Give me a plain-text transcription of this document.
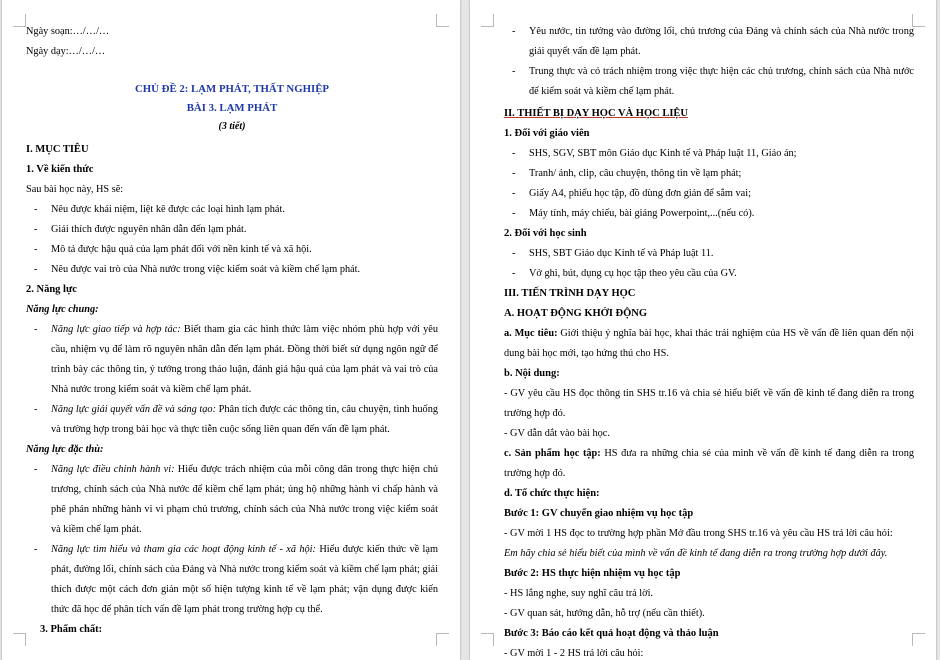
Ngày soạn:…/…/…
Ngày dạy:…/…/…
CHỦ ĐỀ 2: LẠM PHÁT, THẤT NGHIỆP
BÀI 3. LẠM PHÁT
(3 tiết)
I. MỤC TIÊU
1. Về kiến thức
Sau bài học này, HS sẽ:
- Nêu được khái niệm, liệt kê được các loại hình lạm phát.
- Giải thích được nguyên nhân dẫn đến lạm phát.
- Mô tả được hậu quả của lạm phát đối với nền kinh tế và xã hội.
- Nêu được vai trò của Nhà nước trong việc kiểm soát và kiềm chế lạm phát.
2. Năng lực
Năng lực chung:
- Năng lực giao tiếp và hợp tác: Biết tham gia các hình thức làm việc nhóm phù hợp với yêu cầu, nhiệm vụ để làm rõ nguyên nhân dẫn đến lạm phát. Đồng thời biết sử dụng ngôn ngữ để trình bày các thông tin, ý tưởng trong thảo luận, đánh giá hậu quả của lạm phát và vai trò của Nhà nước trong kiểm soát và kiềm chế lạm phát.
- Năng lực giải quyết vấn đề và sáng tạo: Phân tích được các thông tin, câu chuyện, tình huống và trường hợp trong bài học và thực tiễn cuộc sống liên quan đến vấn đề lạm phát.
Năng lực đặc thù:
- Năng lực điều chỉnh hành vi: Hiểu được trách nhiệm của mỗi công dân trong thực hiện chủ trương, chính sách của Nhà nước để kiềm chế lạm phát; ủng hộ những hành vi chấp hành và phê phán những hành vi vi phạm chủ trương, chính sách của Nhà nước trong việc kiểm soát và kiềm chế lạm phát.
- Năng lực tìm hiểu và tham gia các hoạt động kinh tế - xã hội: Hiểu được kiến thức về lạm phát, đường lối, chính sách của Đảng và Nhà nước trong kiểm soát và kiềm chế lạm phát; giải thích được một cách đơn giản một số hiện tượng kinh tế về lạm phát; vận dụng được kiến thức đã học để phân tích vấn đề lạm phát trong trường hợp cụ thể.
3. Phẩm chất:
- Yêu nước, tin tưởng vào đường lối, chủ trương của Đảng và chính sách của Nhà nước trong giải quyết vấn đề lạm phát.
- Trung thực và có trách nhiệm trong việc thực hiện các chủ trương, chính sách của Nhà nước để kiểm soát và kiềm chế lạm phát.
II. THIẾT BỊ DẠY HỌC VÀ HỌC LIỆU
1. Đối với giáo viên
- SHS, SGV, SBT môn Giáo dục Kinh tế và Pháp luật 11, Giáo án;
- Tranh/ ảnh, clip, câu chuyện, thông tin về lạm phát;
- Giấy A4, phiếu học tập, đồ dùng đơn giản để sắm vai;
- Máy tính, máy chiếu, bài giảng Powerpoint,...(nếu có).
2. Đối với học sinh
- SHS, SBT Giáo dục Kinh tế và Pháp luật 11.
- Vở ghi, bút, dụng cụ học tập theo yêu cầu của GV.
III. TIẾN TRÌNH DẠY HỌC
A. HOẠT ĐỘNG KHỞI ĐỘNG
a. Mục tiêu: Giới thiệu ý nghĩa bài học, khai thác trải nghiệm của HS về vấn đề liên quan đến nội dung bài học mới, tạo hứng thú cho HS.
b. Nội dung:
- GV yêu cầu HS đọc thông tin SHS tr.16 và chia sẻ hiểu biết về vấn đề kinh tế đang diễn ra trong trường hợp đó.
- GV dẫn dắt vào bài học.
c. Sản phẩm học tập: HS đưa ra những chia sẻ của mình về vấn đề kinh tế đang diễn ra trong trường hợp đó.
d. Tổ chức thực hiện:
Bước 1: GV chuyển giao nhiệm vụ học tập
- GV mời 1 HS đọc to trường hợp phần Mở đầu trong SHS tr.16 và yêu cầu HS trả lời câu hỏi:
Em hãy chia sẻ hiểu biết của mình về vấn đề kinh tế đang diễn ra trong trường hợp dưới đây.
Bước 2: HS thực hiện nhiệm vụ học tập
- HS lắng nghe, suy nghĩ câu trả lời.
- GV quan sát, hướng dẫn, hỗ trợ (nếu cần thiết).
Bước 3: Báo cáo kết quả hoạt động và thảo luận
- GV mời 1 - 2 HS trả lời câu hỏi:
